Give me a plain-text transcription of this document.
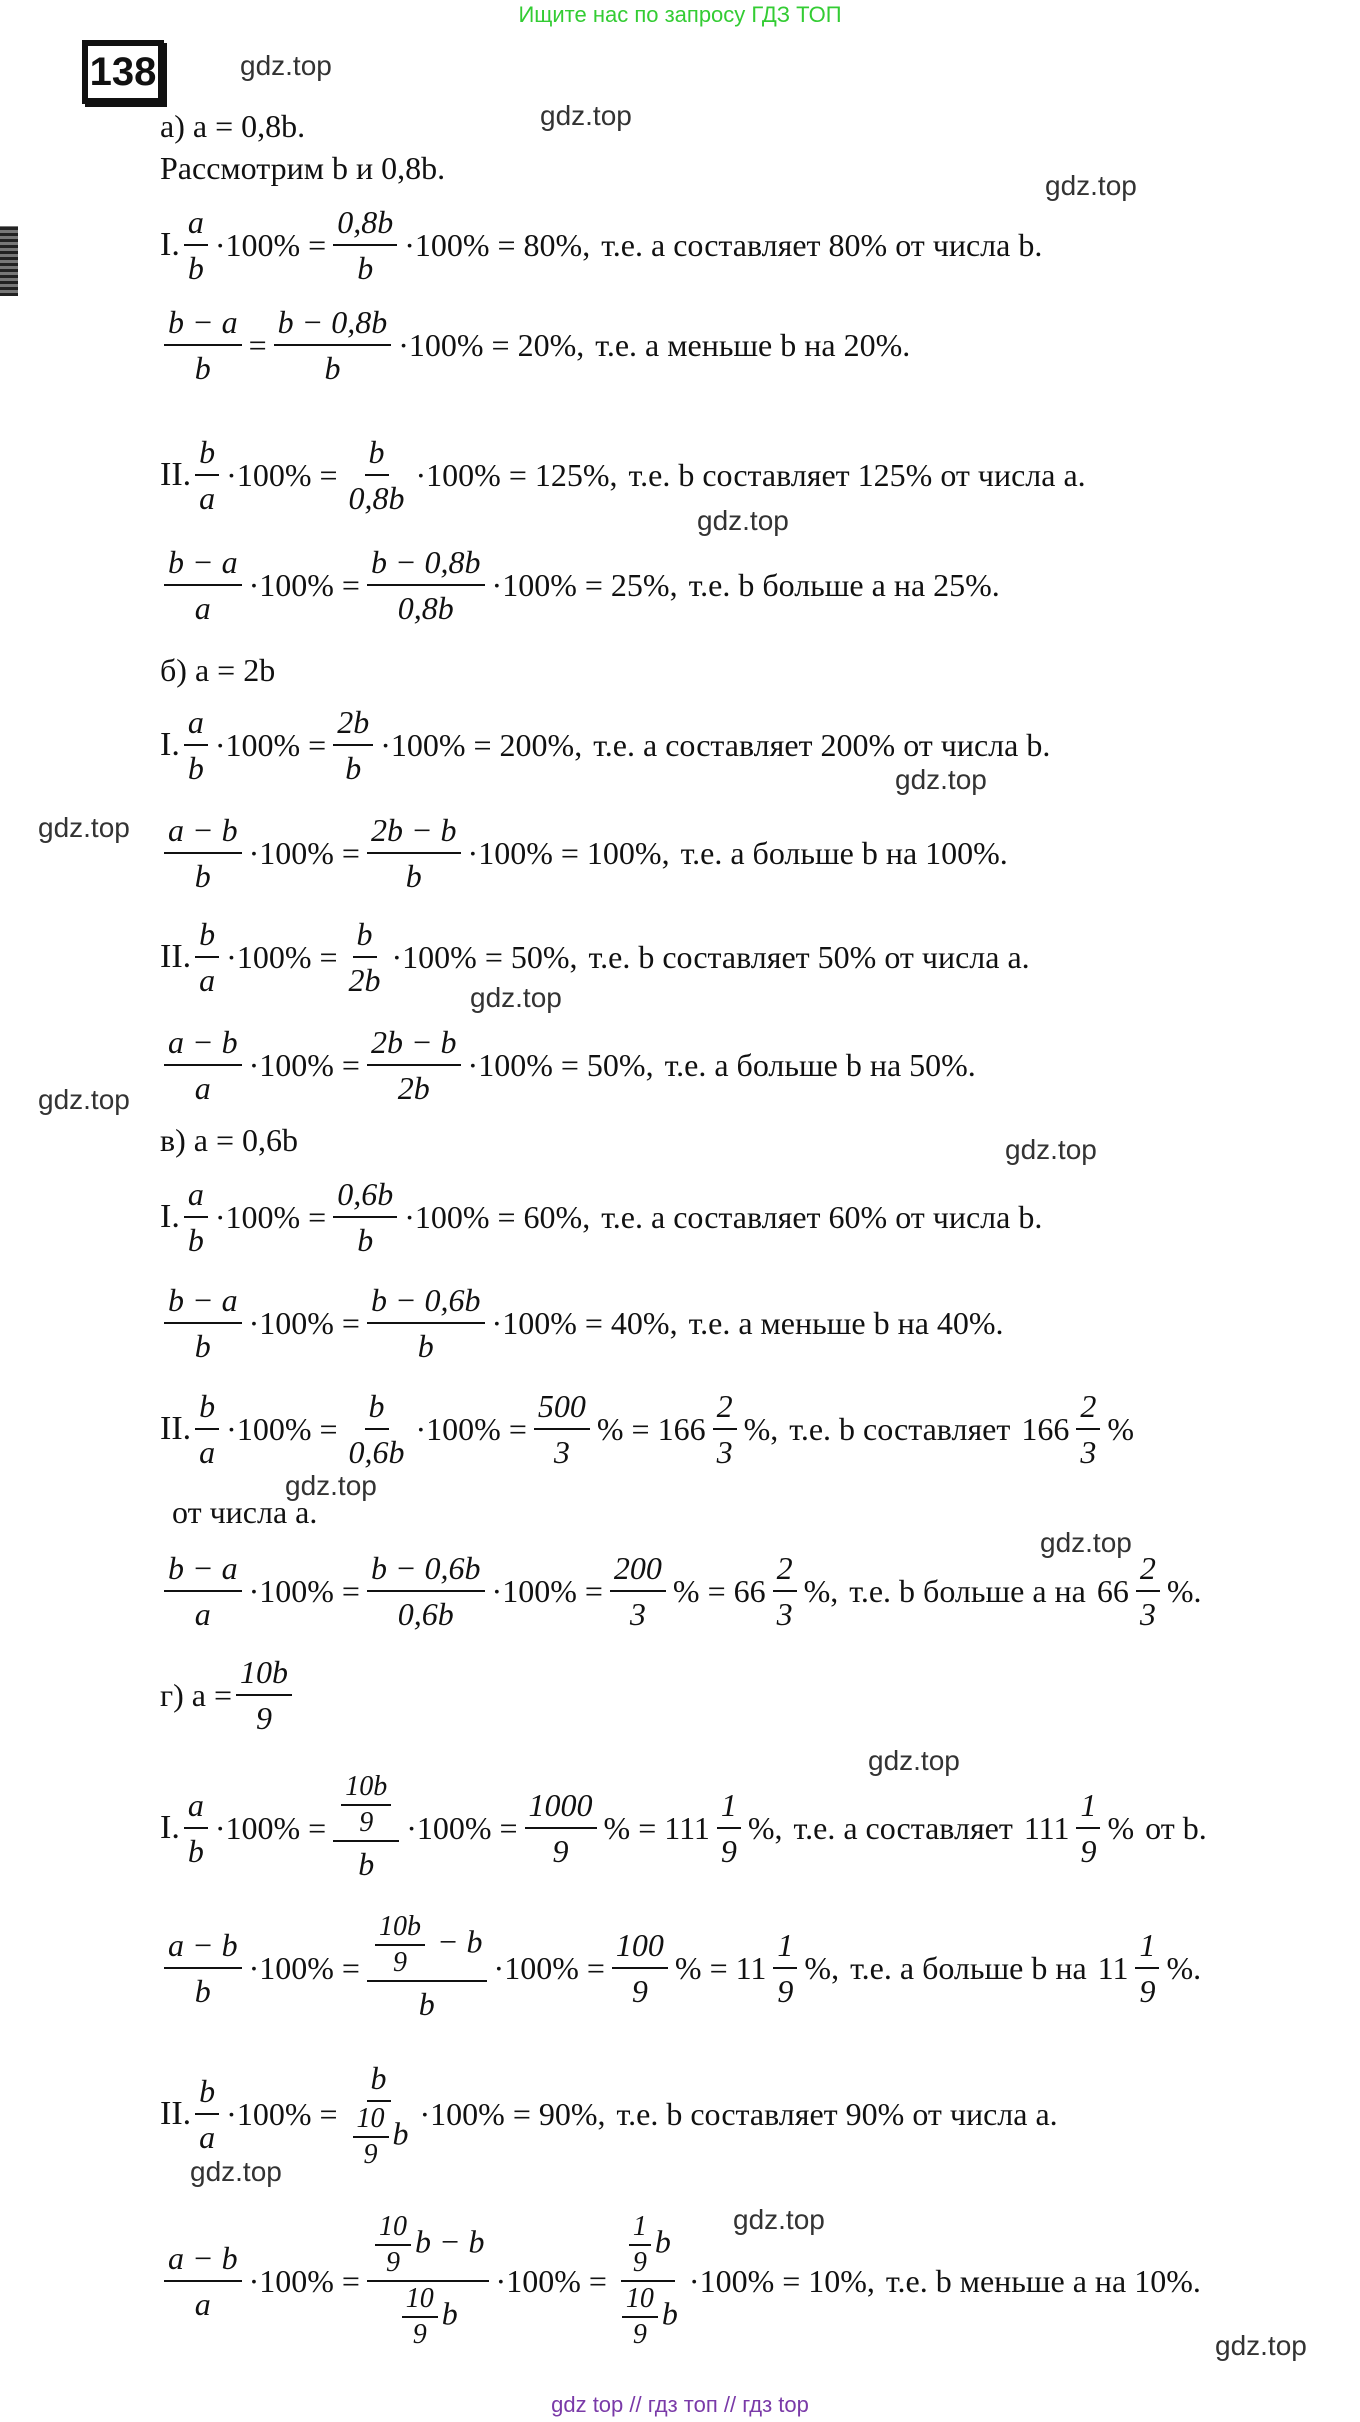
Ищите нас по запросу ГДЗ ТОП
138	gdz.top
gdz.top
gdz.top
gdz.top
gdz.top
gdz.top
gdz.top
gdz.top
gdz.top
gdz.top
gdz.top
gdz.top
gdz.top
gdz.top
gdz.top
а) a = 0,8b.
Рассмотрим b и 0,8b.
I. $\frac{a}{b} \cdot 100\% = \frac{0,8b}{b} \cdot 100\% = 80\%$, т.е. a составляет 80% от числа b.
$\frac{b - a}{b} = \frac{b - 0,8b}{b} \cdot 100\% = 20\%$, т.е. a меньше b на 20%.
II. $\frac{b}{a} \cdot 100\% = \frac{b}{0,8b} \cdot 100\% = 125\%$, т.е. b составляет 125% от числа a.
$\frac{b - a}{a} \cdot 100\% = \frac{b - 0,8b}{0,8b} \cdot 100\% = 25\%$, т.е. b больше a на 25%.
б) a = 2b
I. $\frac{a}{b} \cdot 100\% = \frac{2b}{b} \cdot 100\% = 200\%$, т.е. a составляет 200% от числа b.
$\frac{a - b}{b} \cdot 100\% = \frac{2b - b}{b} \cdot 100\% = 100\%$, т.е. a больше b на 100%.
II. $\frac{b}{a} \cdot 100\% = \frac{b}{2b} \cdot 100\% = 50\%$, т.е. b составляет 50% от числа a.
$\frac{a - b}{a} \cdot 100\% = \frac{2b - b}{2b} \cdot 100\% = 50\%$, т.е. a больше b на 50%.
в) a = 0,6b
I. $\frac{a}{b} \cdot 100\% = \frac{0,6b}{b} \cdot 100\% = 60\%$, т.е. a составляет 60% от числа b.
$\frac{b - a}{b} \cdot 100\% = \frac{b - 0,6b}{b} \cdot 100\% = 40\%$, т.е. a меньше b на 40%.
II. $\frac{b}{a} \cdot 100\% = \frac{b}{0,6b} \cdot 100\% = \frac{500}{3}$ % = $166 \frac{2}{3}$ %, т.е. b составляет $166 \frac{2}{3}$ %
от числа a.
$\frac{b - a}{a} \cdot 100\% = \frac{b - 0,6b}{0,6b} \cdot 100\% = \frac{200}{3}$ % = $66 \frac{2}{3}$ %, т.е. b больше a на $66 \frac{2}{3}$ %.
г) $a = \frac{10b}{9}$
I. $\frac{a}{b} \cdot 100\% = \frac{\frac{10b}{9}}{b} \cdot 100\% = \frac{1000}{9}$ % = $111 \frac{1}{9}$ %, т.е. a составляет $111 \frac{1}{9}$ % от b.
$\frac{a - b}{b} \cdot 100\% = \frac{\frac{10b}{9} - b}{b} \cdot 100\% = \frac{100}{9}$ % = $11 \frac{1}{9}$ %, т.е. a больше b на $11 \frac{1}{9}$ %.
II. $\frac{b}{a} \cdot 100\% = \frac{b}{\frac{10}{9} b} \cdot 100\% = 90\%$, т.е. b составляет 90% от числа a.
$\frac{a - b}{a} \cdot 100\% = \frac{\frac{10}{9} b - b}{\frac{10}{9} b} \cdot 100\% = \frac{\frac{1}{9} b}{\frac{10}{9} b} \cdot 100\% = 10\%$, т.е. b меньше a на 10%.
gdz top // гдз топ // гдз top
